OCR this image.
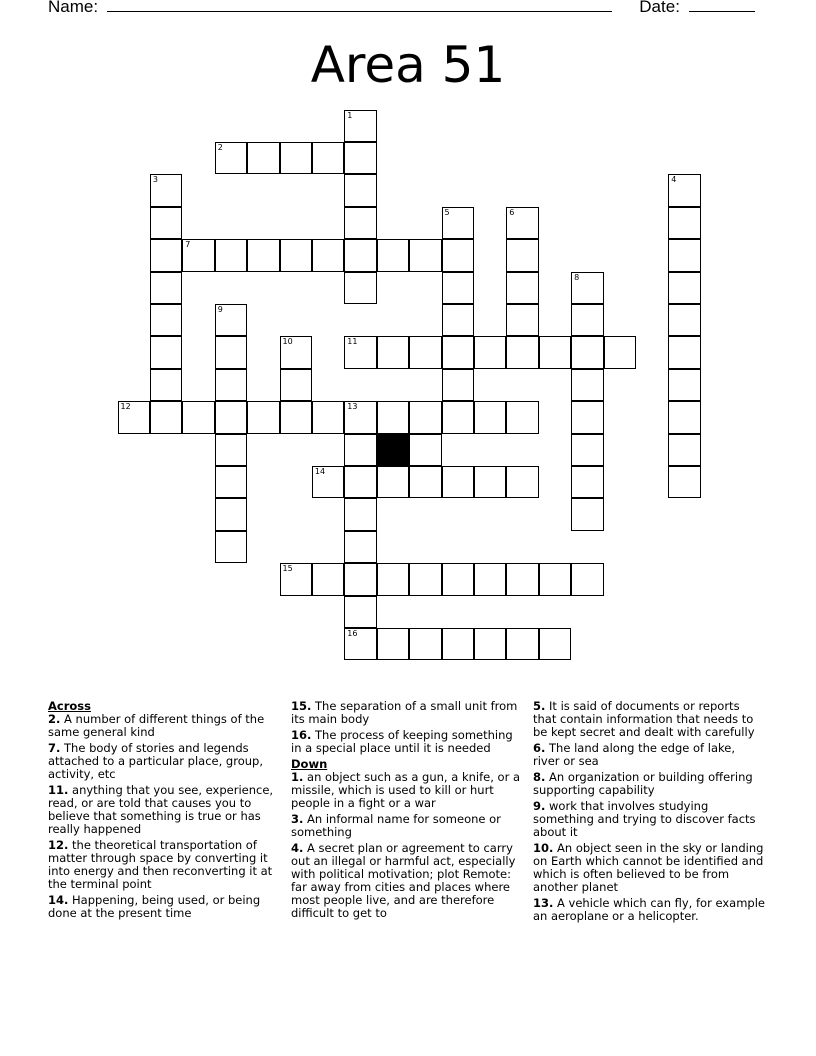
Name:	Date:
Area 51
1
2
3	4
5	6
7
8
9
10	11
12	13
14
15
16
Across
2. A number of different things of the same general kind
7. The body of stories and legends attached to a particular place, group, activity, etc
11. anything that you see, experience, read, or are told that causes you to believe that something is true or has really happened
12. the theoretical transportation of matter through space by converting it into energy and then reconverting it at the terminal point
14. Happening, being used, or being done at the present time
15. The separation of a small unit from its main body
16. The process of keeping something in a special place until it is needed
Down
1. an object such as a gun, a knife, or a missile, which is used to kill or hurt people in a fight or a war
3. An informal name for someone or something
4. A secret plan or agreement to carry out an illegal or harmful act, especially with political motivation; plot Remote: far away from cities and places where most people live, and are therefore difficult to get to
5. It is said of documents or reports that contain information that needs to be kept secret and dealt with carefully
6. The land along the edge of lake, river or sea
8. An organization or building offering supporting capability
9. work that involves studying something and trying to discover facts about it
10. An object seen in the sky or landing on Earth which cannot be identified and which is often believed to be from another planet
13. A vehicle which can fly, for example an aeroplane or a helicopter.
